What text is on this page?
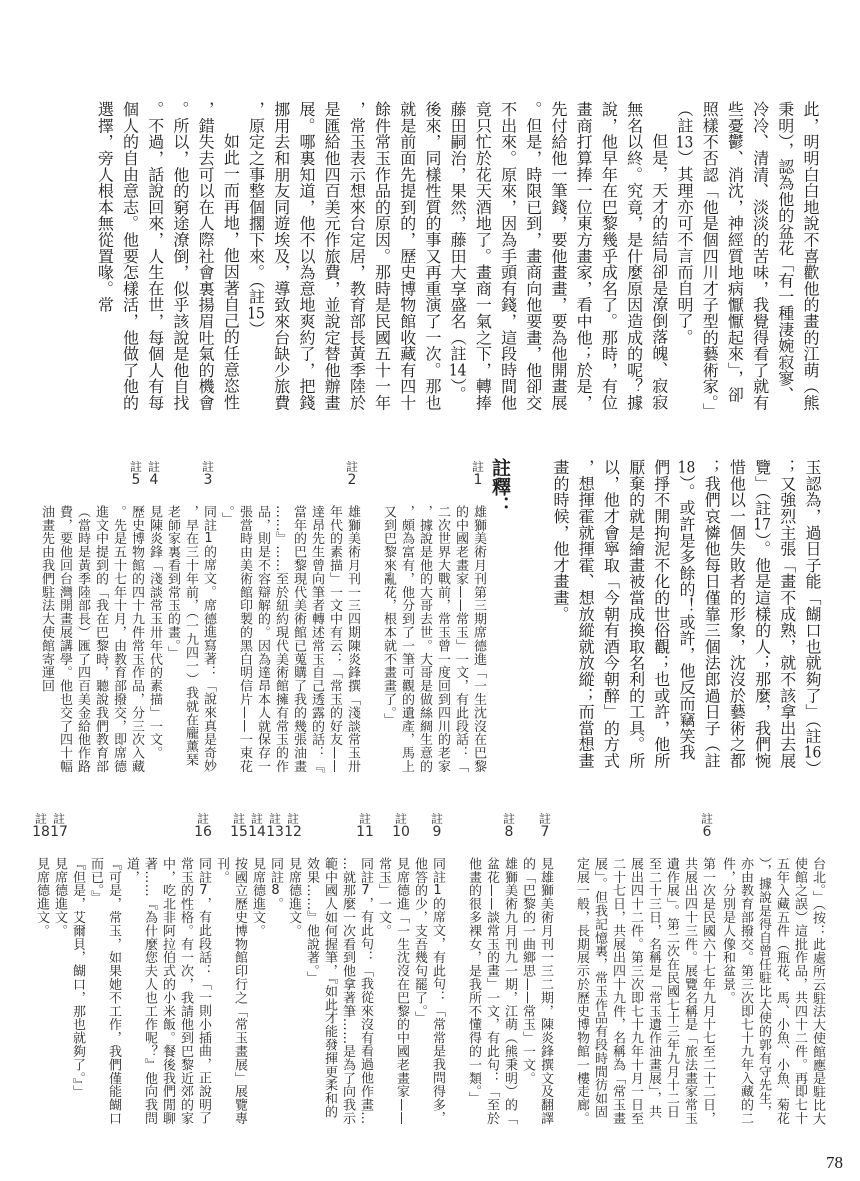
此，明明白白地說不喜歡他的畫的江萌（熊秉明），認為他的盆花「有一種淒婉寂寥、冷冷、清清、淡淡的苦味，我覺得看了就有些憂鬱、消沈，神經質地病懨懨起來」，卻照樣不否認「他是個四川才子型的藝術家。」（註13）其理亦可不言而自明了。

但是，天才的結局卻是潦倒落魄、寂寂無名以終。究竟，是什麼原因造成的呢？據說，他早年在巴黎幾乎成名了。那時，有位畫商打算捧一位東方畫家，看中他；於是，先付給他一筆錢，要他畫畫，要為他開畫展。但是，時限已到，畫商向他要畫，他卻交不出來。原來，因為手頭有錢，這段時間他竟只忙於花天酒地了。畫商一氣之下，轉捧藤田嗣治，果然，藤田大享盛名（註14）。後來，同樣性質的事又再重演了一次。那也就是前面先提到的，歷史博物館收藏有四十餘件常玉作品的原因。那時是民國五十一年，常玉表示想來台定居，教育部長黃季陸於是匯給他四百美元作旅費，並說定替他辦畫展。哪裏知道，他不以為意地爽約了，把錢挪用去和朋友同遊埃及，導致來台缺少旅費，原定之事整個擱下來。（註15）

如此一而再地，他因著自己的任意恣性，錯失去可以在人際社會裏揚眉吐氣的機會。所以，他的窮途潦倒，似乎該說是他自找。不過，話說回來，人生在世，每個人有每個人的自由意志。他要怎樣活，他做了他的選擇，旁人根本無從置喙。常

玉認為，過日子能「餬口也就夠了」（註16）；又強烈主張「畫不成熟，就不該拿出去展覽」（註17）。他是這樣的人；那麼，我們惋惜他以一個失敗者的形象，沈沒於藝術之都；我們哀憐他每日僅靠三個法郎過日子（註18）。或許是多餘的！或許，他反而竊笑我們掙不開拘泥不化的世俗觀；也或許，他所厭棄的就是繪畫被當成換取名利的工具。所以，他才會寧取「今朝有酒今朝醉」的方式，想揮霍就揮霍、想放縱就放縱；而當想畫畫的時候，他才畫畫。

註釋：
註
1
雄獅美術月刊第三期席德進「一生沈沒在巴黎的中國老畫家——常玉」一文，有此段話：「二次世界大戰前，常玉曾一度回到四川的老家，據說是他的大哥去世。大哥是做絲綢生意的，頗為富有，他分到了一筆可觀的遺產，馬上又到巴黎來亂花，根本就不畫畫了。」
註
2
雄獅美術月刊一三四期陳炎鋒撰「淺談常玉卅年代的素描」一文中有云：「常玉的好友——達昂先生曾向筆者轉述常玉自己透露的話：『當年的巴黎現代美術館已蒐購了我的幾張油畫……』……至於紐約現代美術館擁有常玉的作品，則是不容辯解的。因為達昂本人就保存一張當時由美術館印製的黑白明信片——一束花。」
註
3
同註1的席文。席德進寫著：「說來真是奇妙，早在三十年前，（一九四一）我就在龐薰琹老師家裏看到常玉的畫。」
註
4
見陳炎鋒「淺談常玉卅年代的素描」一文。
註
5
歷史博物館的四十九件常玉作品，分三次入藏。先是五十七年十月，由教育部撥交，即席德進文中提到的「我在巴黎時，聽說我們教育部（當時是黃季陸部長）匯了四百美金給他作路費，要他回台灣開畫展講學。他也交了四十幅油畫先由我們駐法大使館寄運回
台北。」（按：此處所云駐法大使館應是駐比大使館之誤）這批作品，共四十二件。再即七十五年入藏五件（瓶花、馬、小魚、小魚、菊花），據說是得自曾任駐比大使的郭有守先生，亦由教育部撥交。第三次即七十九年入藏的二件，分別是人像和盆景。
註
6
第一次是民國六十七年九月十七至二十二日，共展出四十三件。展覽名稱是「旅法畫家常玉遺作展」。第二次在民國七十三年九月十二日至二十三日，名稱是「常玉遺作油畫展」，共展出四十二件。第三次即七十九年十月一日至二十七日，共展出四十九件，名稱為「常玉畫展」。但我記憶裏，常玉作品有段時間彷如固定展一般，長期展示於歷史博物館一樓走廊。
註
7
見雄獅美術月刊一三二期，陳炎鋒撰文及翻譯的「巴黎的一曲鄉思——常玉」一文。
註
8
雄獅美術九月刊九一期，江萌（熊秉明）的「盆花——談常玉的畫」一文，有此句：「至於他畫的很多裸女，是我所不懂得的一類。」
註
9
同註1的席文，有此句：「常常是我問得多，他答的少，支吾幾句罷了。」
註
10
見席德進「一生沈沒在巴黎的中國老畫家——常玉」一文。
註
11
同註7，有此句：「我從來沒有看過他作畫……就那麼一次看到他拿著筆……是為了向我示範中國人如何握筆，『如此才能發揮更柔和的效果……』他說著。」
註
12
見席德進文。
註
13
同註8。
註
14
見席德進文。
註
15
按國立歷史博物館印行之「常玉畫展」展覽專刊。
註
16
同註7，有此段話：「一則小插曲，正說明了常玉的性格。有一次，我請他到巴黎近郊的家中，吃北非阿拉伯式的小米飯。餐後我們閒聊著……『為什麼您夫人也工作呢？』他向我問道，
『可是，常玉，如果她不工作，我們僅能餬口而已。』
『但是，艾爾貝，餬口，那也就夠了。』」
註
17
見席德進文。
註
18
見席德進文。
78
